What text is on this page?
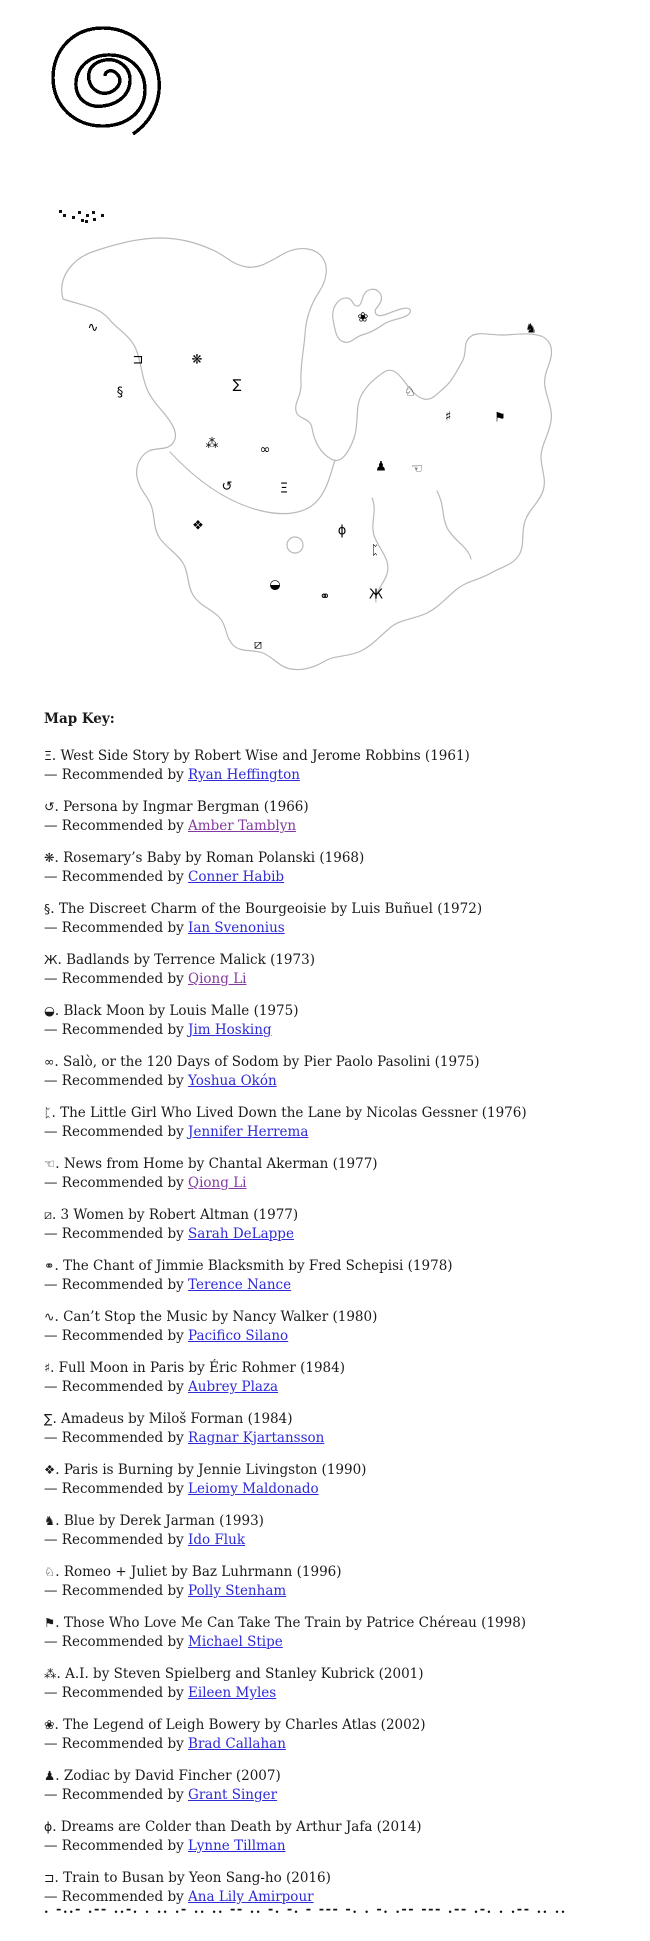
∿
⊐	❋
§
∑
❀
♞
♘
♯	⚑
⁂	∞
♟ ☜
↺	Ξ
❖	ɸ
ᛈ
◒
⚭	Ж
⧄

Map Key:

Ξ. West Side Story by Robert Wise and Jerome Robbins (1961)
— Recommended by Ryan Heffington
↺. Persona by Ingmar Bergman (1966)
— Recommended by Amber Tamblyn
❋. Rosemary’s Baby by Roman Polanski (1968)
— Recommended by Conner Habib
§. The Discreet Charm of the Bourgeoisie by Luis Buñuel (1972)
— Recommended by Ian Svenonius
Ж. Badlands by Terrence Malick (1973)
— Recommended by Qiong Li
◒. Black Moon by Louis Malle (1975)
— Recommended by Jim Hosking
∞. Salò, or the 120 Days of Sodom by Pier Paolo Pasolini (1975)
— Recommended by Yoshua Okón
ᛈ. The Little Girl Who Lived Down the Lane by Nicolas Gessner (1976)
— Recommended by Jennifer Herrema
☜. News from Home by Chantal Akerman (1977)
— Recommended by Qiong Li
⧄. 3 Women by Robert Altman (1977)
— Recommended by Sarah DeLappe
⚭. The Chant of Jimmie Blacksmith by Fred Schepisi (1978)
— Recommended by Terence Nance
∿. Can’t Stop the Music by Nancy Walker (1980)
— Recommended by Pacifico Silano
♯. Full Moon in Paris by Éric Rohmer (1984)
— Recommended by Aubrey Plaza
∑. Amadeus by Miloš Forman (1984)
— Recommended by Ragnar Kjartansson
❖. Paris is Burning by Jennie Livingston (1990)
— Recommended by Leiomy Maldonado
♞. Blue by Derek Jarman (1993)
— Recommended by Ido Fluk
♘. Romeo + Juliet by Baz Luhrmann (1996)
— Recommended by Polly Stenham
⚑. Those Who Love Me Can Take The Train by Patrice Chéreau (1998)
— Recommended by Michael Stipe
⁂. A.I. by Steven Spielberg and Stanley Kubrick (2001)
— Recommended by Eileen Myles
❀. The Legend of Leigh Bowery by Charles Atlas (2002)
— Recommended by Brad Callahan
♟. Zodiac by David Fincher (2007)
— Recommended by Grant Singer
ɸ. Dreams are Colder than Death by Arthur Jafa (2014)
— Recommended by Lynne Tillman
⊐. Train to Busan by Yeon Sang-ho (2016)
— Recommended by Ana Lily Amirpour
. -..- .-- ..-. . .. .- .. .. -- .. -. -. - --- -. . -. .-- --- .-- .-. . .-- .. ..
